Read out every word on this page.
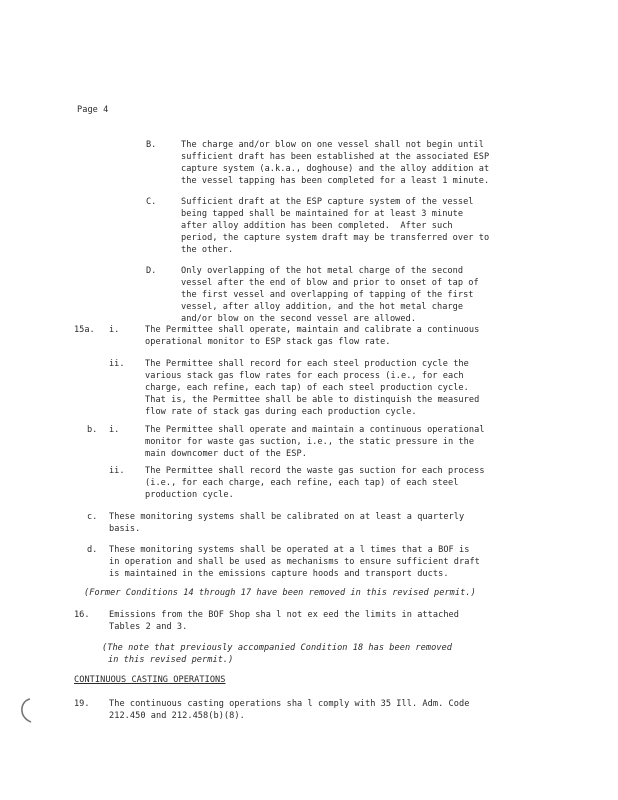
Page 4
B.	The charge and/or blow on one vessel shall not begin until
sufficient draft has been established at the associated ESP
capture system (a.k.a., doghouse) and the alloy addition at
the vessel tapping has been completed for a least 1 minute.
C.	Sufficient draft at the ESP capture system of the vessel
being tapped shall be maintained for at least 3 minute
after alloy addition has been completed.  After such
period, the capture system draft may be transferred over to
the other.
D.	Only overlapping of the hot metal charge of the second
vessel after the end of blow and prior to onset of tap of
the first vessel and overlapping of tapping of the first
vessel, after alloy addition, and the hot metal charge
and/or blow on the second vessel are allowed.
15a. i.	The Permittee shall operate, maintain and calibrate a continuous
operational monitor to ESP stack gas flow rate.
ii. The Permittee shall record for each steel production cycle the
various stack gas flow rates for each process (i.e., for each
charge, each refine, each tap) of each steel production cycle.
That is, the Permittee shall be able to distinquish the measured
flow rate of stack gas during each production cycle.
b. i.	The Permittee shall operate and maintain a continuous operational
monitor for waste gas suction, i.e., the static pressure in the
main downcomer duct of the ESP.
ii. The Permittee shall record the waste gas suction for each process
(i.e., for each charge, each refine, each tap) of each steel
production cycle.
c. These monitoring systems shall be calibrated on at least a quarterly
basis.
d. These monitoring systems shall be operated at a l times that a BOF is
in operation and shall be used as mechanisms to ensure sufficient draft
is maintained in the emissions capture hoods and transport ducts.
(Former Conditions 14 through 17 have been removed in this revised permit.)
16. Emissions from the BOF Shop sha l not ex eed the limits in attached
Tables 2 and 3.
(The note that previously accompanied Condition 18 has been removed
in this revised permit.)
CONTINUOUS CASTING OPERATIONS
19. The continuous casting operations sha l comply with 35 Ill. Adm. Code
212.450 and 212.458(b)(8).
